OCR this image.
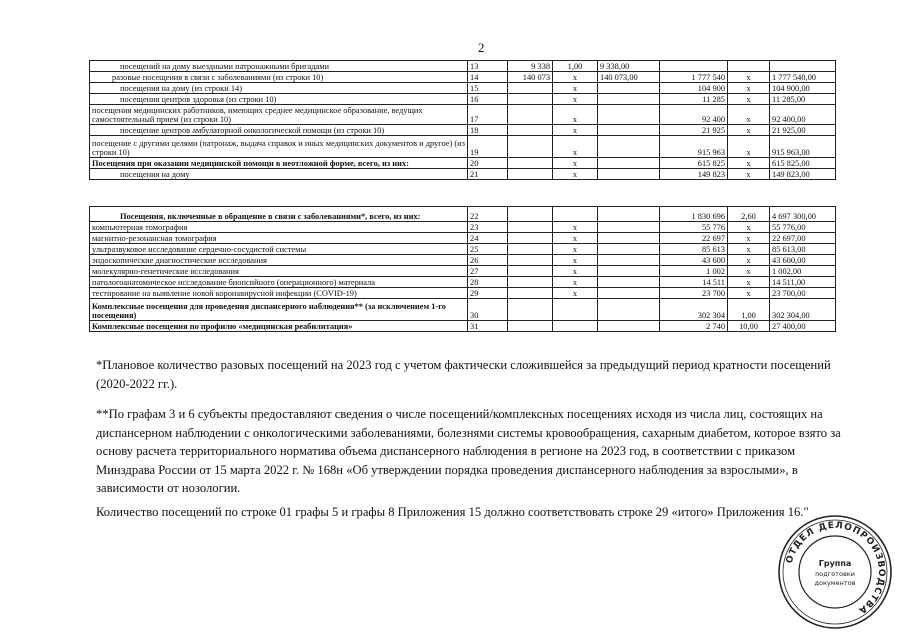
2
посещений на дому выездными патронажными бригадами	13	9 338	1,00	9 338,00			
разовые посещения в связи с заболеваниями (из строки 10)	14	140 073	x	140 073,00	1 777 540	x	1 777 540,00
посещения на дому (из строки 14)	15		x		104 900	x	104 900,00
посещения центров здоровья (из строки 10)	16		x		11 285	x	11 285,00
посещения медицинских работников, имеющих среднее медицинское образование, ведущих самостоятельный прием (из строки 10)	17		x		92 400	x	92 400,00
посещение центров амбулаторной онкологической помощи (из строки 10)	18		x		21 925	x	21 925,00
посещение с другими целями (патронаж, выдача справок и иных медицинских документов и другое) (из строки 10)	19		x		915 963	x	915 963,00
Посещения при оказании медицинской помощи в неотложной форме, всего, из них:	20		x		615 825	x	615 825,00
посещения на дому	21		x		149 823	x	149 823,00
Посещения, включенные в обращение в связи с заболеваниями*, всего, из них:	22				1 830 696	2,60	4 697 300,00
компьютерная томография	23		x		55 776	x	55 776,00
магнитно-резонансная томография	24		x		22 697	x	22 697,00
ультразвуковое исследование сердечно-сосудистой системы	25		x		85 613	x	85 613,00
эндоскопические диагностические исследования	26		x		43 600	x	43 600,00
молекулярно-генетические исследования	27		x		1 002	x	1 002,00
патологоанатомическое исследование биопсийного (операционного) материала	28		x		14 511	x	14 511,00
тестирование на выявление новой коронавирусной инфекции (COVID-19)	29		x		23 700	x	23 700,00
Комплексные посещения для проведения диспансерного наблюдения** (за исключением 1-го посещения)	30				302 304	1,00	302 304,00
Комплексные посещения по профилю «медицинская реабилитация»	31				2 740	10,00	27 400,00
*Плановое количество разовых посещений на 2023 год с учетом фактически сложившейся за предыдущий период кратности посещений (2020-2022 гг.).
**По графам 3 и 6 субъекты предоставляют сведения о числе посещений/комплексных посещениях исходя из числа лиц, состоящих на диспансерном наблюдении с онкологическими заболеваниями, болезнями системы кровообращения, сахарным диабетом, которое взято за основу расчета территориального норматива объема диспансерного наблюдения в регионе на 2023 год, в соответствии с приказом Минздрава России от 15 марта 2022 г. № 168н «Об утверждении порядка проведения диспансерного наблюдения за взрослыми», в зависимости от нозологии.
Количество посещений по строке 01 графы 5 и графы 8 Приложения 15 должно соответствовать строке 29 «итого» Приложения 16."
ОТДЕЛ ДЕЛОПРОИЗВОДСТВА
Группа
подготовки
документов
